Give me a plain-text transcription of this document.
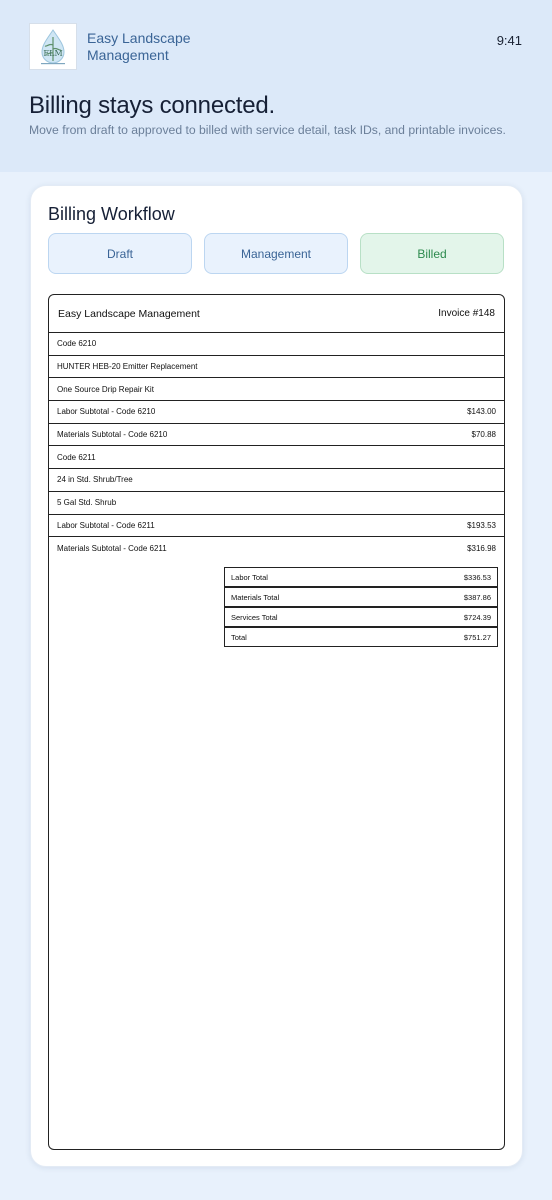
ELM
Easy Landscape
Management
9:41
Billing stays connected.

Move from draft to approved to billed with service detail, task IDs, and printable invoices.

Billing Workflow
Draft	Management	Billed
Easy Landscape Management	Invoice #148
Code 6210
HUNTER HEB-20 Emitter Replacement
One Source Drip Repair Kit
Labor Subtotal - Code 6210	$143.00
Materials Subtotal - Code 6210	$70.88
Code 6211
24 in Std. Shrub/Tree
5 Gal Std. Shrub
Labor Subtotal - Code 6211	$193.53
Materials Subtotal - Code 6211	$316.98
Labor Total	$336.53
Materials Total	$387.86
Services Total	$724.39
Total	$751.27
